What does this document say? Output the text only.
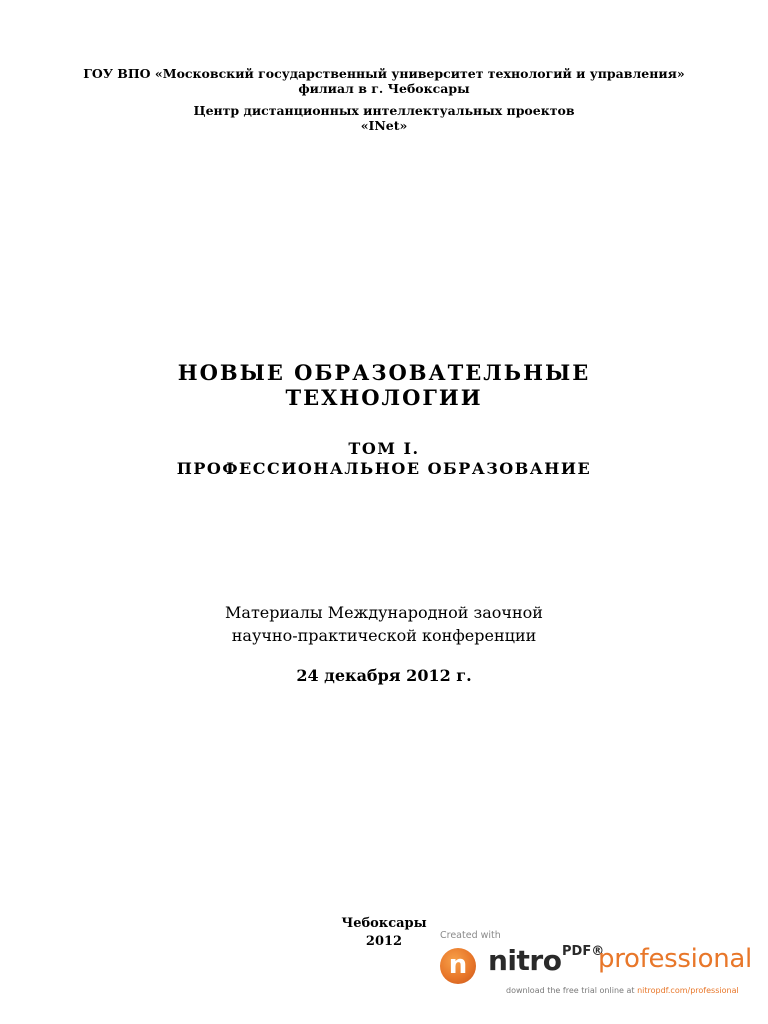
ГОУ ВПО «Московский государственный университет технологий и управления»
филиал в г. Чебоксары
Центр дистанционных интеллектуальных проектов
«INet»
НОВЫЕ ОБРАЗОВАТЕЛЬНЫЕ
ТЕХНОЛОГИИ
ТОМ I.
ПРОФЕССИОНАЛЬНОЕ ОБРАЗОВАНИЕ
Материалы Международной заочной
научно-практической конференции
24 декабря 2012 г.
Чебоксары
2012	Created with
n nitro PDF®
professional
download the free trial online at nitropdf.com/professional
